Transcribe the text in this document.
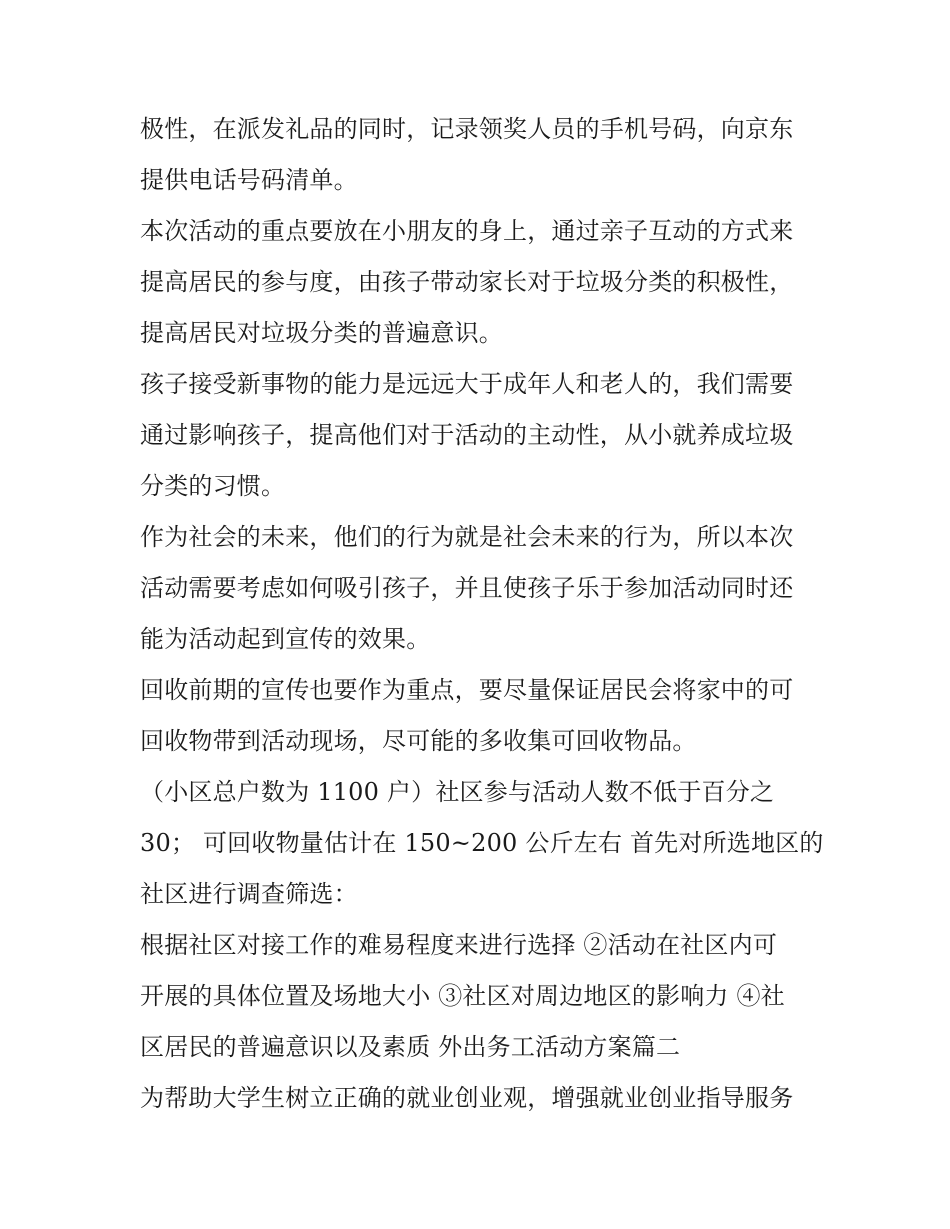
极性，在派发礼品的同时，记录领奖人员的手机号码，向京东
提供电话号码清单。
本次活动的重点要放在小朋友的身上，通过亲子互动的方式来
提高居民的参与度，由孩子带动家长对于垃圾分类的积极性，
提高居民对垃圾分类的普遍意识。
孩子接受新事物的能力是远远大于成年人和老人的，我们需要
通过影响孩子，提高他们对于活动的主动性，从小就养成垃圾
分类的习惯。
作为社会的未来，他们的行为就是社会未来的行为，所以本次
活动需要考虑如何吸引孩子，并且使孩子乐于参加活动同时还
能为活动起到宣传的效果。
回收前期的宣传也要作为重点，要尽量保证居民会将家中的可
回收物带到活动现场，尽可能的多收集可回收物品。
（小区总户数为 1100 户）社区参与活动人数不低于百分之
30； 可回收物量估计在 150~200 公斤左右 首先对所选地区的
社区进行调查筛选：
根据社区对接工作的难易程度来进行选择 ②活动在社区内可
开展的具体位置及场地大小 ③社区对周边地区的影响力 ④社
区居民的普遍意识以及素质 外出务工活动方案篇二
为帮助大学生树立正确的就业创业观，增强就业创业指导服务
